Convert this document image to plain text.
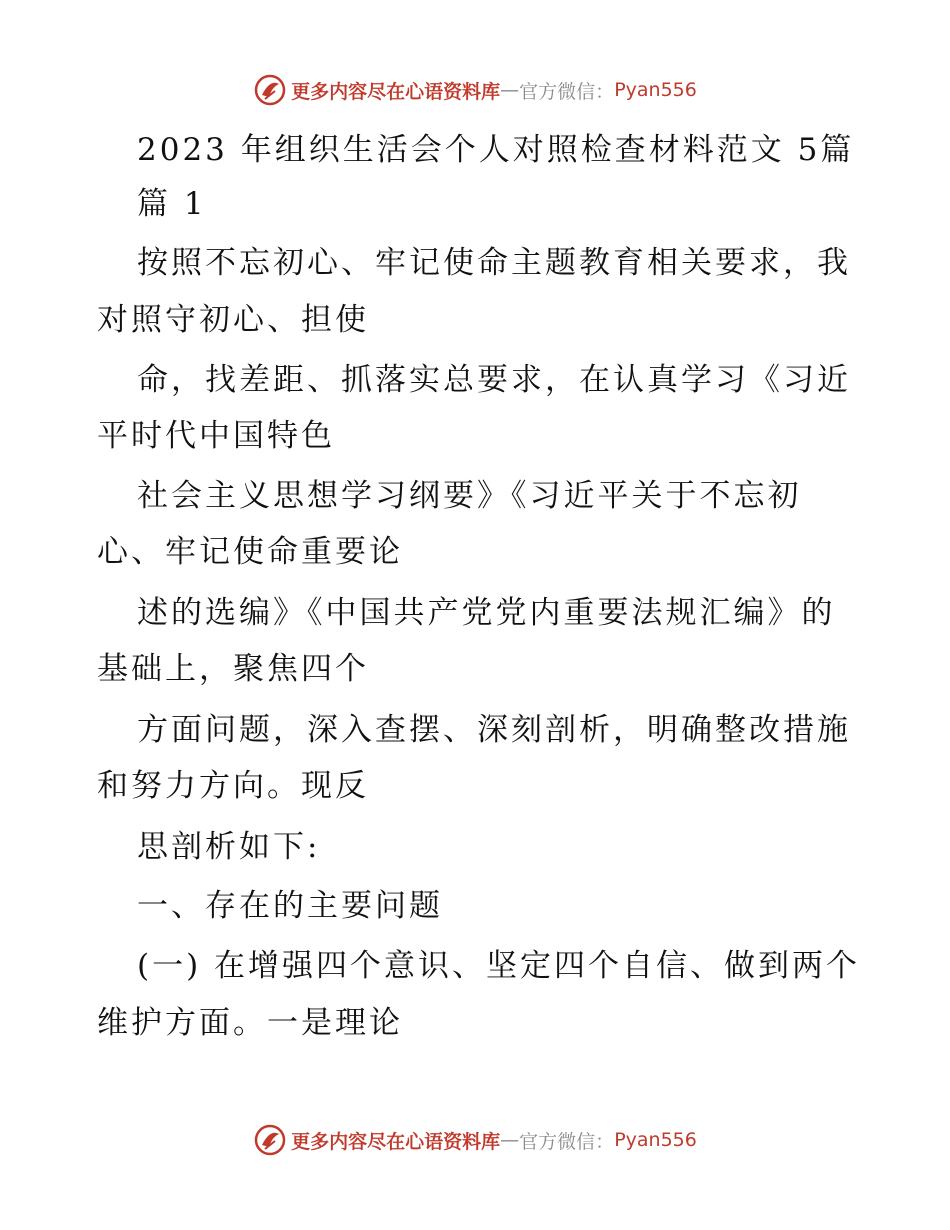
更多内容尽在心语资料库 — 官方微信： Pyan556
2023 年组织生活会个人对照检查材料范文 5篇
篇 1
按照不忘初心、牢记使命主题教育相关要求，我
对照守初心、担使
命，找差距、抓落实总要求，在认真学习《习近
平时代中国特色
社会主义思想学习纲要》《习近平关于不忘初
心、牢记使命重要论
述的选编》《中国共产党党内重要法规汇编》的
基础上，聚焦四个
方面问题，深入查摆、深刻剖析，明确整改措施
和努力方向。现反
思剖析如下:
一、存在的主要问题
(一) 在增强四个意识、坚定四个自信、做到两个
维护方面。一是理论
更多内容尽在心语资料库 — 官方微信： Pyan556
